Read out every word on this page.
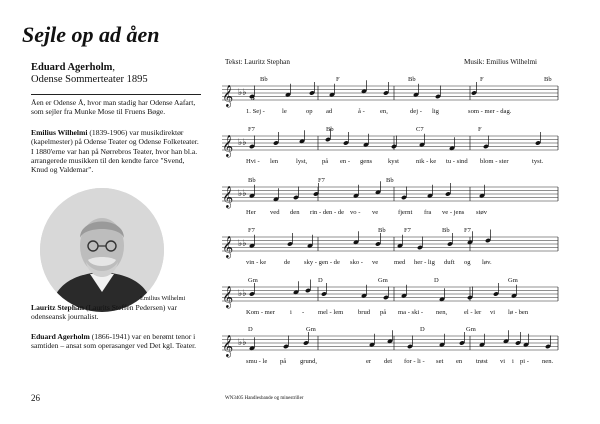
Sejle op ad åen
Eduard Agerholm,
Odense Sommerteater 1895
Åen er Odense Å, hvor man stadig har Odense Aafart, som sejler fra Munke Mose til Fruens Bøge.
Emilius Wilhelmi (1839-1906) var musikdirektør (kapelmester) på Odense Teater og Odense Folketeater.
I 1880'erne var han på Nørrebros Teater, hvor han bl.a. arrangerede musikken til den kendte farce "Svend, Knud og Valdemar".
Emilius Wilhelmi
Lauritz Stephan (Laurits Steffen Pedersen) var odenseansk journalist.
Eduard Agerholm (1866-1941) var en berømt tenor i samtiden – ansat som operasanger ved Det kgl. Teater.
26	WN3405 Handlesbande og minestriller
Tekst: Lauritz Stephan	Musik: Emilius Wilhelmi
𝄞 ♭♭
Bb	F	Bb	F	Bb
1. Sej -	le	op ad	å - en,	dej - lig	som - mer - dag.
𝄞 ♭♭
F7	Bb	C7	F
Hvi - len	lyst, på en - gens kyst	nik - ke tu - sind blom - ster	tyst.
𝄞 ♭♭
Bb	F7	Bb
Her ved den rin - den - de vo - ve	fjernt fra ve - jens støv
𝄞 ♭♭
F7	Bb	F7	Bb F7
vin - ke	de sky - gen - de sko - ve med her - lig duft og løv.
𝄞 ♭♭
Gm	D	Gm	D	Gm
Kom - mer i - mel - lem brud på ma - ski - nen,	el - ler vi lø - ben
𝄞 ♭♭
D	Gm	D	Gm
smu - le på grund,	er det for - li - set en trøst vi i pi - nen.
